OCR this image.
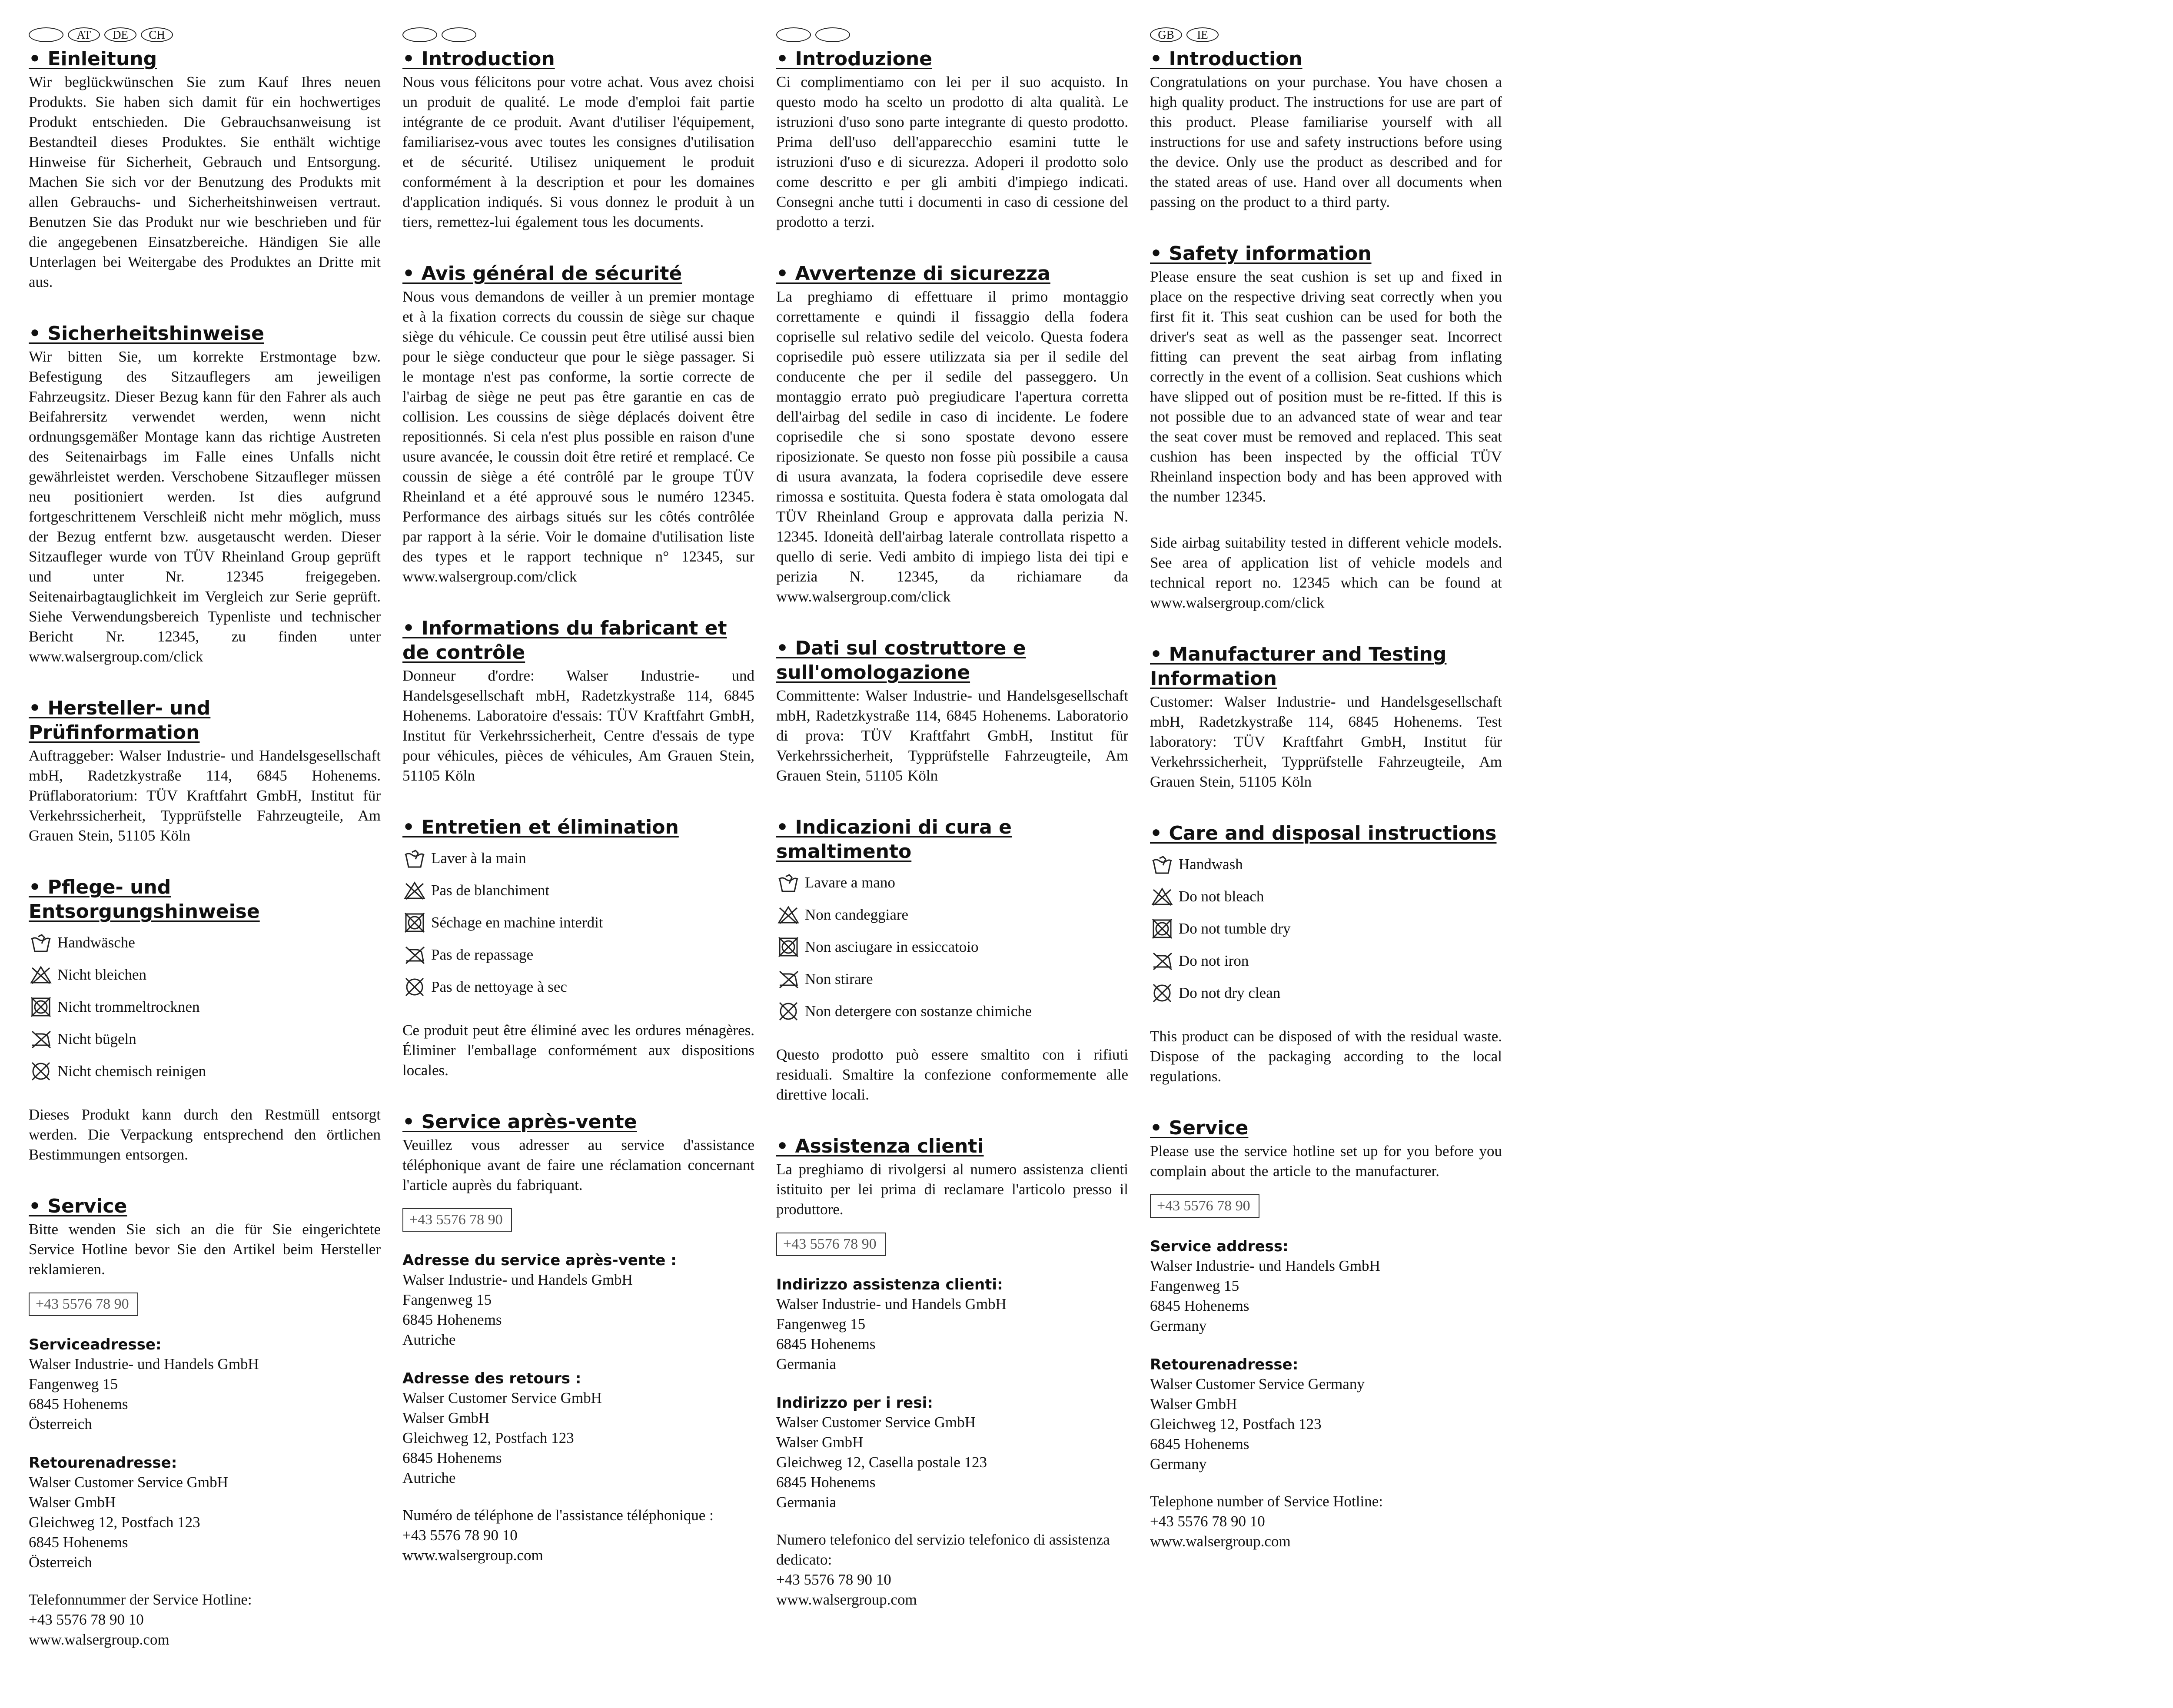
AT	DE	CH
• Einleitung

Wir beglückwünschen Sie zum Kauf Ihres neuen Produkts. Sie haben sich damit für ein hochwertiges Produkt entschieden. Die Gebrauchsanweisung ist Bestandteil dieses Produktes. Sie enthält wichtige Hinweise für Sicherheit, Gebrauch und Entsorgung. Machen Sie sich vor der Benutzung des Produkts mit allen Gebrauchs- und Sicherheitshinweisen vertraut. Benutzen Sie das Produkt nur wie beschrieben und für die angegebenen Einsatzbereiche. Händigen Sie alle Unterlagen bei Weitergabe des Produktes an Dritte mit aus.

• Sicherheitshinweise

Wir bitten Sie, um korrekte Erstmontage bzw. Befestigung des Sitzauflegers am jeweiligen Fahrzeugsitz. Dieser Bezug kann für den Fahrer als auch Beifahrersitz verwendet werden, wenn nicht ordnungsgemäßer Montage kann das richtige Austreten des Seitenairbags im Falle eines Unfalls nicht gewährleistet werden. Verschobene Sitzaufleger müssen neu positioniert werden. Ist dies aufgrund fortgeschrittenem Verschleiß nicht mehr möglich, muss der Bezug entfernt bzw. ausgetauscht werden. Dieser Sitzaufleger wurde von TÜV Rheinland Group geprüft und unter Nr. 12345 freigegeben. Seitenairbagtauglichkeit im Vergleich zur Serie geprüft. Siehe Verwendungsbereich Typenliste und technischer Bericht Nr. 12345, zu finden unter www.walsergroup.com/click

• Hersteller- und Prüfinformation

Auftraggeber: Walser Industrie- und Handelsgesellschaft mbH, Radetzkystraße 114, 6845 Hohenems. Prüflaboratorium: TÜV Kraftfahrt GmbH, Institut für Verkehrssicherheit, Typprüfstelle Fahrzeugteile, Am Grauen Stein, 51105 Köln

• Pflege- und Entsorgungshinweise
Handwäsche
Nicht bleichen
Nicht trommeltrocknen
Nicht bügeln
Nicht chemisch reinigen

Dieses Produkt kann durch den Restmüll entsorgt werden. Die Verpackung entsprechend den örtlichen Bestimmungen entsorgen.

• Service

Bitte wenden Sie sich an die für Sie eingerichtete Service Hotline bevor Sie den Artikel beim Hersteller reklamieren.

+43 5576 78 90
Serviceadresse:
Walser Industrie- und Handels GmbH
Fangenweg 15
6845 Hohenems
Österreich
Retourenadresse:
Walser Customer Service GmbH
Walser GmbH
Gleichweg 12, Postfach 123
6845 Hohenems
Österreich
Telefonnummer der Service Hotline:
+43 5576 78 90 10
www.walsergroup.com
• Introduction

Nous vous félicitons pour votre achat. Vous avez choisi un produit de qualité. Le mode d'emploi fait partie intégrante de ce produit. Avant d'utiliser l'équipement, familiarisez-vous avec toutes les consignes d'utilisation et de sécurité. Utilisez uniquement le produit conformément à la description et pour les domaines d'application indiqués. Si vous donnez le produit à un tiers, remettez-lui également tous les documents.

• Avis général de sécurité

Nous vous demandons de veiller à un premier montage et à la fixation corrects du coussin de siège sur chaque siège du véhicule. Ce coussin peut être utilisé aussi bien pour le siège conducteur que pour le siège passager. Si le montage n'est pas conforme, la sortie correcte de l'airbag de siège ne peut pas être garantie en cas de collision. Les coussins de siège déplacés doivent être repositionnés. Si cela n'est plus possible en raison d'une usure avancée, le coussin doit être retiré et remplacé. Ce coussin de siège a été contrôlé par le groupe TÜV Rheinland et a été approuvé sous le numéro 12345. Performance des airbags situés sur les côtés contrôlée par rapport à la série. Voir le domaine d'utilisation liste des types et le rapport technique n° 12345, sur www.walsergroup.com/click

• Informations du fabricant et de contrôle

Donneur d'ordre: Walser Industrie- und Handelsgesellschaft mbH, Radetzkystraße 114, 6845 Hohenems. Laboratoire d'essais: TÜV Kraftfahrt GmbH, Institut für Verkehrssicherheit, Centre d'essais de type pour véhicules, pièces de véhicules, Am Grauen Stein, 51105 Köln

• Entretien et élimination
Laver à la main
Pas de blanchiment
Séchage en machine interdit
Pas de repassage
Pas de nettoyage à sec

Ce produit peut être éliminé avec les ordures ménagères. Éliminer l'emballage conformément aux dispositions locales.

• Service après-vente

Veuillez vous adresser au service d'assistance téléphonique avant de faire une réclamation concernant l'article auprès du fabriquant.

+43 5576 78 90
Adresse du service après-vente :
Walser Industrie- und Handels GmbH
Fangenweg 15
6845 Hohenems
Autriche
Adresse des retours :
Walser Customer Service GmbH
Walser GmbH
Gleichweg 12, Postfach 123
6845 Hohenems
Autriche
Numéro de téléphone de l'assistance téléphonique :
+43 5576 78 90 10
www.walsergroup.com
• Introduzione

Ci complimentiamo con lei per il suo acquisto. In questo modo ha scelto un prodotto di alta qualità. Le istruzioni d'uso sono parte integrante di questo prodotto. Prima dell'uso dell'apparecchio esamini tutte le istruzioni d'uso e di sicurezza. Adoperi il prodotto solo come descritto e per gli ambiti d'impiego indicati. Consegni anche tutti i documenti in caso di cessione del prodotto a terzi.

• Avvertenze di sicurezza

La preghiamo di effettuare il primo montaggio correttamente e quindi il fissaggio della fodera copriselle sul relativo sedile del veicolo. Questa fodera coprisedile può essere utilizzata sia per il sedile del conducente che per il sedile del passeggero. Un montaggio errato può pregiudicare l'apertura corretta dell'airbag del sedile in caso di incidente. Le fodere coprisedile che si sono spostate devono essere riposizionate. Se questo non fosse più possibile a causa di usura avanzata, la fodera coprisedile deve essere rimossa e sostituita. Questa fodera è stata omologata dal TÜV Rheinland Group e approvata dalla perizia N. 12345. Idoneità dell'airbag laterale controllata rispetto a quello di serie. Vedi ambito di impiego lista dei tipi e perizia N. 12345, da richiamare da www.walsergroup.com/click

• Dati sul costruttore e sull'omologazione

Committente: Walser Industrie- und Handelsgesellschaft mbH, Radetzkystraße 114, 6845 Hohenems. Laboratorio di prova: TÜV Kraftfahrt GmbH, Institut für Verkehrssicherheit, Typprüfstelle Fahrzeugteile, Am Grauen Stein, 51105 Köln

• Indicazioni di cura e smaltimento
Lavare a mano
Non candeggiare
Non asciugare in essiccatoio
Non stirare
Non detergere con sostanze chimiche

Questo prodotto può essere smaltito con i rifiuti residuali. Smaltire la confezione conformemente alle direttive locali.

• Assistenza clienti

La preghiamo di rivolgersi al numero assistenza clienti istituito per lei prima di reclamare l'articolo presso il produttore.

+43 5576 78 90
Indirizzo assistenza clienti:
Walser Industrie- und Handels GmbH
Fangenweg 15
6845 Hohenems
Germania
Indirizzo per i resi:
Walser Customer Service GmbH
Walser GmbH
Gleichweg 12, Casella postale 123
6845 Hohenems
Germania
Numero telefonico del servizio telefonico di assistenza dedicato:
+43 5576 78 90 10
www.walsergroup.com
GB	IE
• Introduction

Congratulations on your purchase. You have chosen a high quality product. The instructions for use are part of this product. Please familiarise yourself with all instructions for use and safety instructions before using the device. Only use the product as described and for the stated areas of use. Hand over all documents when passing on the product to a third party.

• Safety information

Please ensure the seat cushion is set up and fixed in place on the respective driving seat correctly when you first fit it. This seat cushion can be used for both the driver's seat as well as the passenger seat. Incorrect fitting can prevent the seat airbag from inflating correctly in the event of a collision. Seat cushions which have slipped out of position must be re-fitted. If this is not possible due to an advanced state of wear and tear the seat cover must be removed and replaced. This seat cushion has been inspected by the official TÜV Rheinland inspection body and has been approved with the number 12345.

Side airbag suitability tested in different vehicle models. See area of application list of vehicle models and technical report no. 12345 which can be found at www.walsergroup.com/click

• Manufacturer and Testing Information

Customer: Walser Industrie- und Handelsgesellschaft mbH, Radetzkystraße 114, 6845 Hohenems. Test laboratory: TÜV Kraftfahrt GmbH, Institut für Verkehrssicherheit, Typprüfstelle Fahrzeugteile, Am Grauen Stein, 51105 Köln

• Care and disposal instructions
Handwash
Do not bleach
Do not tumble dry
Do not iron
Do not dry clean

This product can be disposed of with the residual waste. Dispose of the packaging according to the local regulations.

• Service

Please use the service hotline set up for you before you complain about the article to the manufacturer.

+43 5576 78 90
Service address:
Walser Industrie- und Handels GmbH
Fangenweg 15
6845 Hohenems
Germany
Retourenadresse:
Walser Customer Service Germany
Walser GmbH
Gleichweg 12, Postfach 123
6845 Hohenems
Germany
Telephone number of Service Hotline:
+43 5576 78 90 10
www.walsergroup.com
